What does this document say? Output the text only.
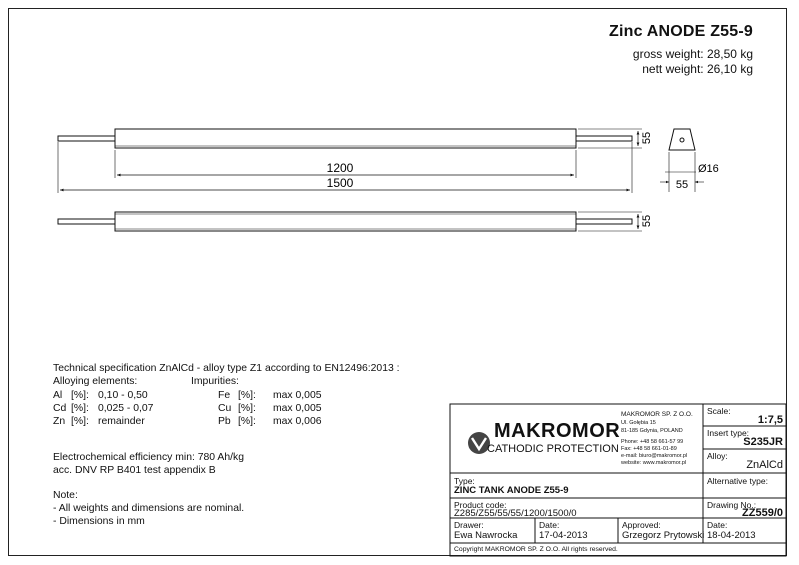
Zinc ANODE Z55-9
gross weight: 28,50 kg
nett weight: 26,10 kg
1200
1500
55
55
Ø16
55
Technical specification ZnAlCd - alloy type Z1 according to EN12496:2013 :
Alloying elements:	Impurities:
Al [%]: 0,10 - 0,50	Fe [%]: max 0,005
Cd [%]: 0,025 - 0,07	Cu [%]: max 0,005
Zn [%]: remainder	Pb [%]: max 0,006
Electrochemical efficiency min: 780 Ah/kg
acc. DNV RP B401 test appendix B
Note:
- All weights and dimensions are nominal.
- Dimensions in mm
MAKROMOR
CATHODIC PROTECTION
MAKROMOR SP. Z O.O.
Ul. Gołębia 15
81-185 Gdynia, POLAND
Phone: +48 58 661-57 99
Fax: +48 58 661-01-89
e-mail: biuro@makromor.pl
website: www.makromor.pl
Scale:
1:7,5
Insert type:
S235JR
Alloy:
ZnAlCd
Alternative type:
Type:
ZINC TANK ANODE Z55-9
Product code:
Z285/Z55/55/55/1200/1500/0
Drawing No.:
ZZ559/0
Drawer:
Ewa Nawrocka
Date:
17-04-2013
Approved:
Grzegorz Prytowski
Date:
18-04-2013
Copyright MAKROMOR SP. Z O.O. All rights reserved.
